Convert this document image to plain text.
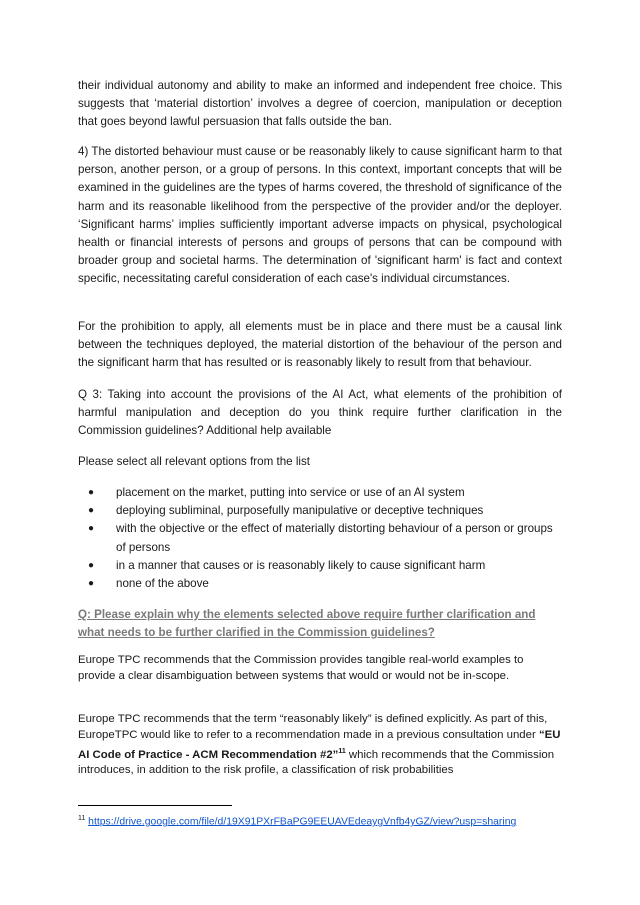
their individual autonomy and ability to make an informed and independent free choice. This suggests that ‘material distortion’ involves a degree of coercion, manipulation or deception that goes beyond lawful persuasion that falls outside the ban.

4) The distorted behaviour must cause or be reasonably likely to cause significant harm to that person, another person, or a group of persons. In this context, important concepts that will be examined in the guidelines are the types of harms covered, the threshold of significance of the harm and its reasonable likelihood from the perspective of the provider and/or the deployer. ‘Significant harms’ implies sufficiently important adverse impacts on physical, psychological health or financial interests of persons and groups of persons that can be compound with broader group and societal harms. The determination of 'significant harm' is fact and context specific, necessitating careful consideration of each case's individual circumstances.

For the prohibition to apply, all elements must be in place and there must be a causal link between the techniques deployed, the material distortion of the behaviour of the person and the significant harm that has resulted or is reasonably likely to result from that behaviour.

Q 3: Taking into account the provisions of the AI Act, what elements of the prohibition of harmful manipulation and deception do you think require further clarification in the Commission guidelines? Additional help available

Please select all relevant options from the list

● placement on the market, putting into service or use of an AI system
● deploying subliminal, purposefully manipulative or deceptive techniques
● with the objective or the effect of materially distorting behaviour of a person or groups of persons
● in a manner that causes or is reasonably likely to cause significant harm
● none of the above

Q: Please explain why the elements selected above require further clarification and
what needs to be further clarified in the Commission guidelines?

Europe TPC recommends that the Commission provides tangible real-world examples to provide a clear disambiguation between systems that would or would not be in-scope.

Europe TPC recommends that the term “reasonably likely” is defined explicitly. As part of this, EuropeTPC would like to refer to a recommendation made in a previous consultation under “EU AI Code of Practice - ACM Recommendation #2”$^{11}$ which recommends that the Commission introduces, in addition to the risk profile, a classification of risk probabilities

$^{11}$ https://drive.google.com/file/d/19X91PXrFBaPG9EEUAVEdeaygVnfb4yGZ/view?usp=sharing
